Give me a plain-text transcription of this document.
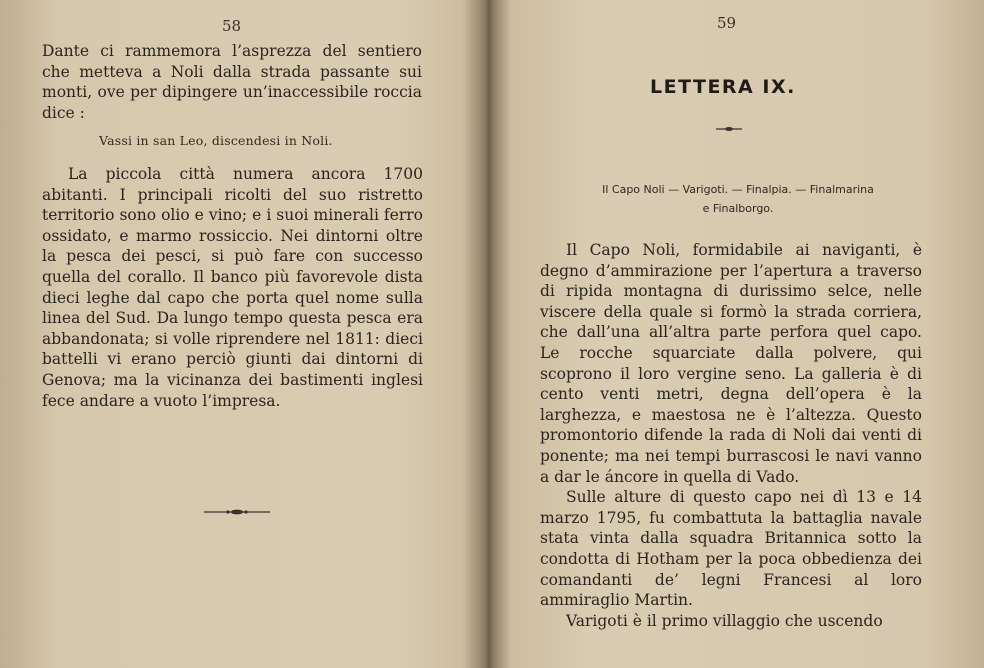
58

Dante ci rammemora l’asprezza del sentiero che metteva a Noli dalla strada passante sui monti, ove per dipingere un’inaccessibile roccia dice :

Vassi in san Leo, discendesi in Noli.

La piccola città numera ancora 1700 abitanti. I principali ricolti del suo ristretto territorio sono olio e vino; e i suoi minerali ferro ossidato, e marmo rossiccio. Nei dintorni oltre la pesca dei pesci, si può fare con successo quella del corallo. Il banco più favorevole dista dieci leghe dal capo che porta quel nome sulla linea del Sud. Da lungo tempo questa pesca era abbandonata; si volle riprendere nel 1811: dieci battelli vi erano perciò giunti dai dintorni di Genova; ma la vicinanza dei bastimenti inglesi fece andare a vuoto l’impresa.

59
LETTERA IX.
Il Capo Noli — Varigoti. — Finalpia. — Finalmarina
e Finalborgo.

Il Capo Noli, formidabile ai naviganti, è degno d’ammirazione per l’apertura a traverso di ripida montagna di durissimo selce, nelle viscere della quale si formò la strada corriera, che dall’una all’altra parte perfora quel capo. Le rocche squarciate dalla polvere, qui scoprono il loro vergine seno. La galleria è di cento venti metri, degna dell’opera è la larghezza, e maestosa ne è l’altezza. Questo promontorio difende la rada di Noli dai venti di ponente; ma nei tempi burrascosi le navi vanno a dar le áncore in quella di Vado.

Sulle alture di questo capo nei dì 13 e 14 marzo 1795, fu combattuta la battaglia navale stata vinta dalla squadra Britannica sotto la condotta di Hotham per la poca obbedienza dei comandanti de’ legni Francesi al loro ammiraglio Martin.

Varigoti è il primo villaggio che uscendo
